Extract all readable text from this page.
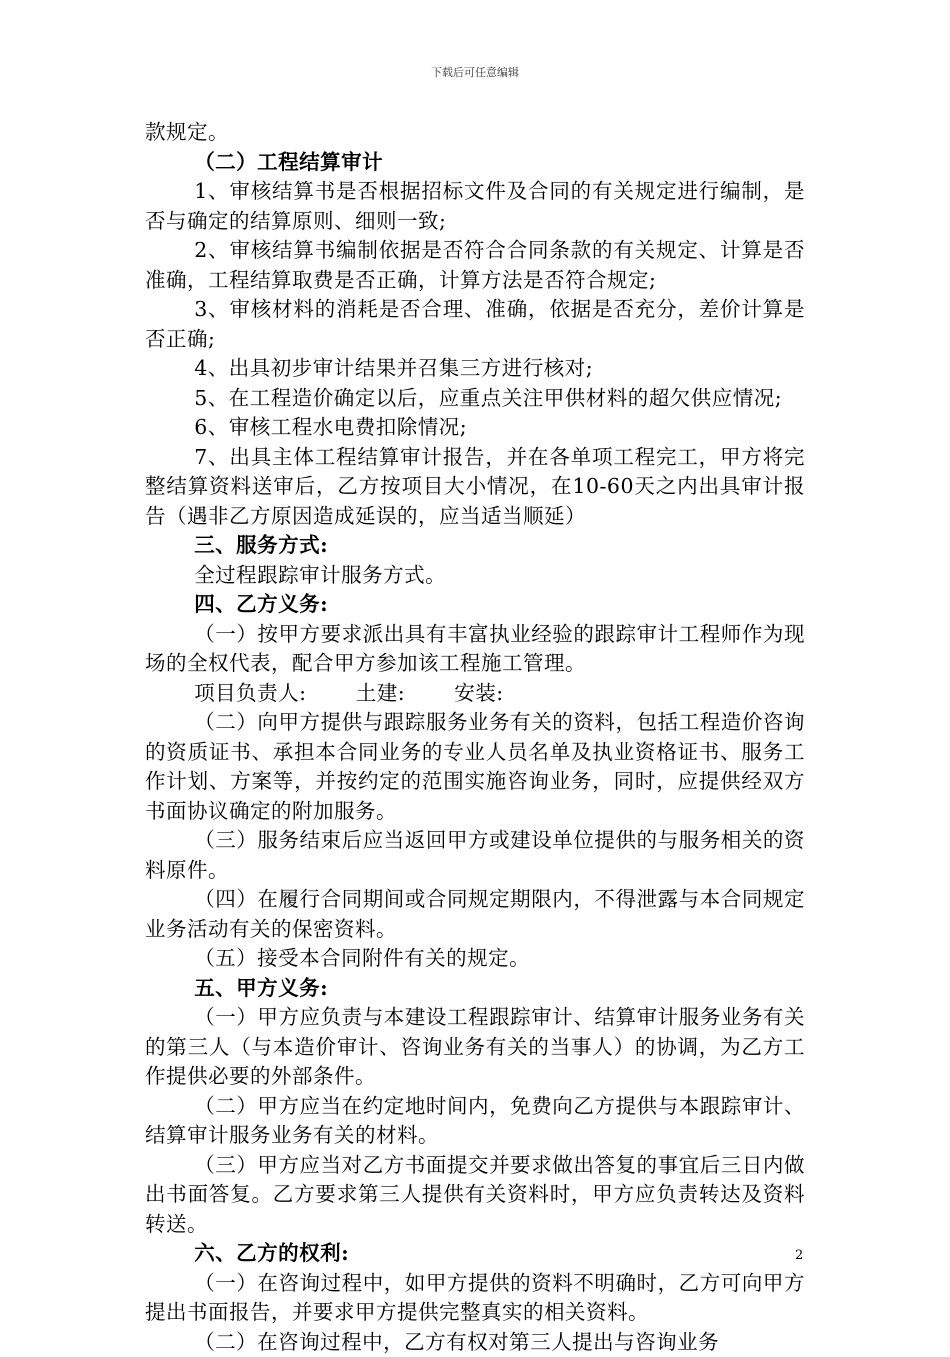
下载后可任意编辑

款规定。

（二）工程结算审计

1、审核结算书是否根据招标文件及合同的有关规定进行编制，是否与确定的结算原则、细则一致;

2、审核结算书编制依据是否符合合同条款的有关规定、计算是否准确，工程结算取费是否正确，计算方法是否符合规定;

3、审核材料的消耗是否合理、准确，依据是否充分，差价计算是否正确;

4、出具初步审计结果并召集三方进行核对;

5、在工程造价确定以后，应重点关注甲供材料的超欠供应情况;

6、审核工程水电费扣除情况;

7、出具主体工程结算审计报告，并在各单项工程完工，甲方将完整结算资料送审后，乙方按项目大小情况，在10-60天之内出具审计报告（遇非乙方原因造成延误的，应当适当顺延）

三、服务方式:

全过程跟踪审计服务方式。

四、乙方义务:

（一）按甲方要求派出具有丰富执业经验的跟踪审计工程师作为现场的全权代表，配合甲方参加该工程施工管理。

项目负责人: 土建: 安装:

（二）向甲方提供与跟踪服务业务有关的资料，包括工程造价咨询的资质证书、承担本合同业务的专业人员名单及执业资格证书、服务工作计划、方案等，并按约定的范围实施咨询业务，同时，应提供经双方书面协议确定的附加服务。

（三）服务结束后应当返回甲方或建设单位提供的与服务相关的资料原件。

（四）在履行合同期间或合同规定期限内，不得泄露与本合同规定业务活动有关的保密资料。

（五）接受本合同附件有关的规定。

五、甲方义务:

（一）甲方应负责与本建设工程跟踪审计、结算审计服务业务有关的第三人（与本造价审计、咨询业务有关的当事人）的协调，为乙方工作提供必要的外部条件。

（二）甲方应当在约定地时间内，免费向乙方提供与本跟踪审计、结算审计服务业务有关的材料。

（三）甲方应当对乙方书面提交并要求做出答复的事宜后三日内做出书面答复。乙方要求第三人提供有关资料时，甲方应负责转达及资料转送。

六、乙方的权利:

（一）在咨询过程中，如甲方提供的资料不明确时，乙方可向甲方提出书面报告，并要求甲方提供完整真实的相关资料。

（二）在咨询过程中，乙方有权对第三人提出与咨询业务

2
